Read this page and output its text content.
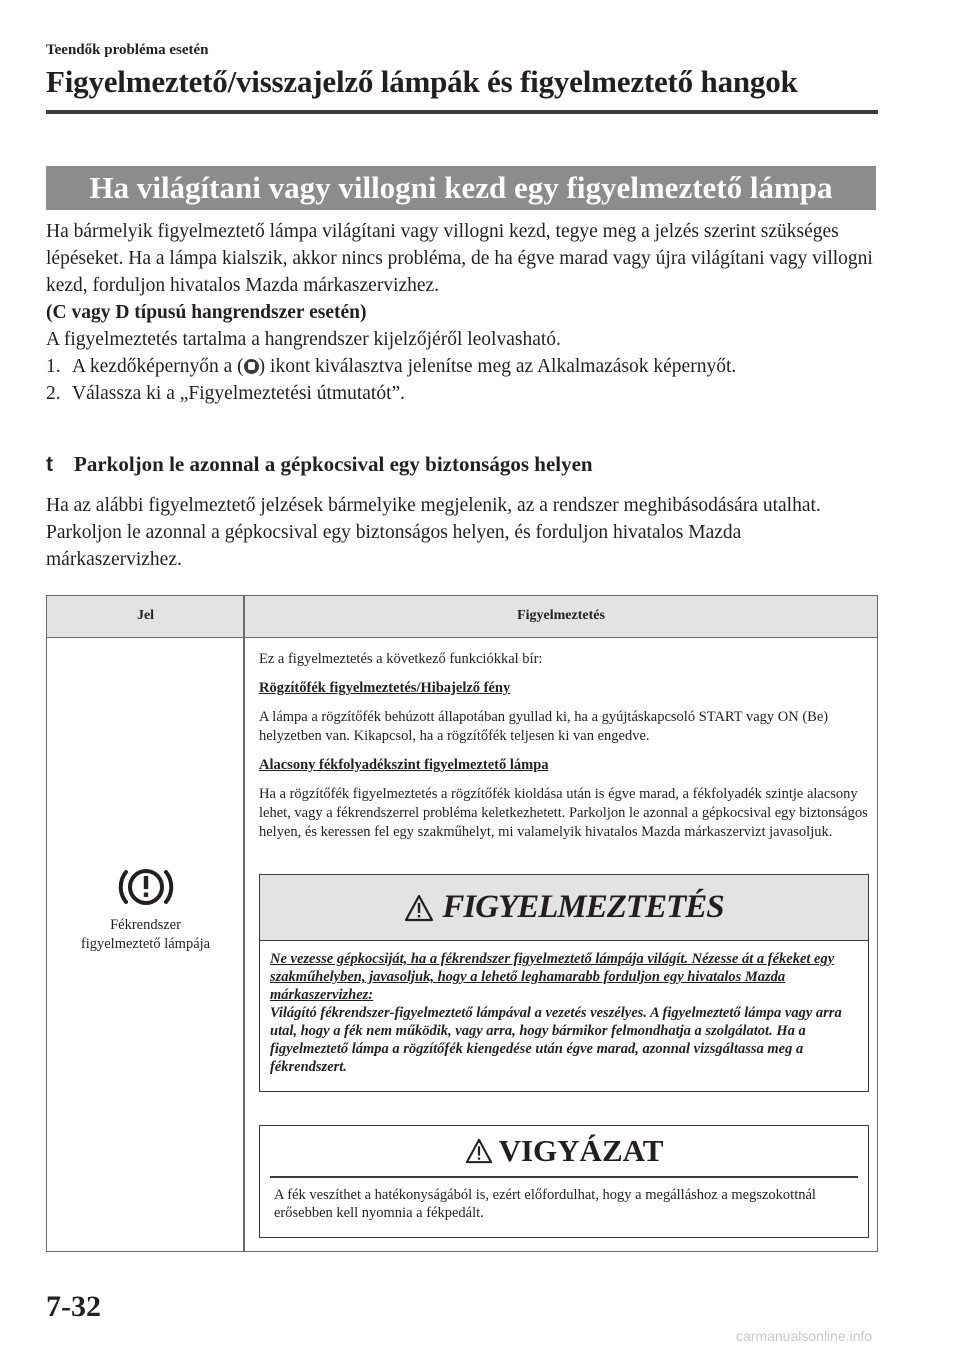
Teendők probléma esetén
Figyelmeztető/visszajelző lámpák és figyelmeztető hangok
Ha világítani vagy villogni kezd egy figyelmeztető lámpa

Ha bármelyik figyelmeztető lámpa világítani vagy villogni kezd, tegye meg a jelzés szerint szükséges lépéseket. Ha a lámpa kialszik, akkor nincs probléma, de ha égve marad vagy újra világítani vagy villogni kezd, forduljon hivatalos Mazda márkaszervizhez.

(C vagy D típusú hangrendszer esetén)

A figyelmeztetés tartalma a hangrendszer kijelzőjéről leolvasható.

1. A kezdőképernyőn a ( ) ikont kiválasztva jelenítse meg az Alkalmazások képernyőt.
2. Válassza ki a „Figyelmeztetési útmutatót”.
t	Parkoljon le azonnal a gépkocsival egy biztonságos helyen

Ha az alábbi figyelmeztető jelzések bármelyike megjelenik, az a rendszer meghibásodására utalhat. Parkoljon le azonnal a gépkocsival egy biztonságos helyen, és forduljon hivatalos Mazda márkaszervizhez.

Jel	Figyelmeztetés
Fékrendszer
figyelmeztető lámpája

Ez a figyelmeztetés a következő funkciókkal bír:

Rögzítőfék figyelmeztetés/Hibajelző fény

A lámpa a rögzítőfék behúzott állapotában gyullad ki, ha a gyújtáskapcsoló START vagy ON (Be) helyzetben van. Kikapcsol, ha a rögzítőfék teljesen ki van engedve.

Alacsony fékfolyadékszint figyelmeztető lámpa

Ha a rögzítőfék figyelmeztetés a rögzítőfék kioldása után is égve marad, a fékfolyadék szintje alacsony lehet, vagy a fékrendszerrel probléma keletkezhetett. Parkoljon le azonnal a gépkocsival egy biztonságos helyen, és keressen fel egy szakműhelyt, mi valamelyik hivatalos Mazda márkaszervizt javasoljuk.

FIGYELMEZTETÉS

Ne vezesse gépkocsiját, ha a fékrendszer figyelmeztető lámpája világít. Nézesse át a fékeket egy szakműhelyben, javasoljuk, hogy a lehető leghamarabb forduljon egy hivatalos Mazda márkaszervizhez:

Világító fékrendszer-figyelmeztető lámpával a vezetés veszélyes. A figyelmeztető lámpa vagy arra utal, hogy a fék nem működik, vagy arra, hogy bármikor felmondhatja a szolgálatot. Ha a figyelmeztető lámpa a rögzítőfék kiengedése után égve marad, azonnal vizsgáltassa meg a fékrendszert.

VIGYÁZAT

A fék veszíthet a hatékonyságából is, ezért előfordulhat, hogy a megálláshoz a megszokottnál erősebben kell nyomnia a fékpedált.

7-32
carmanualsonline.info
